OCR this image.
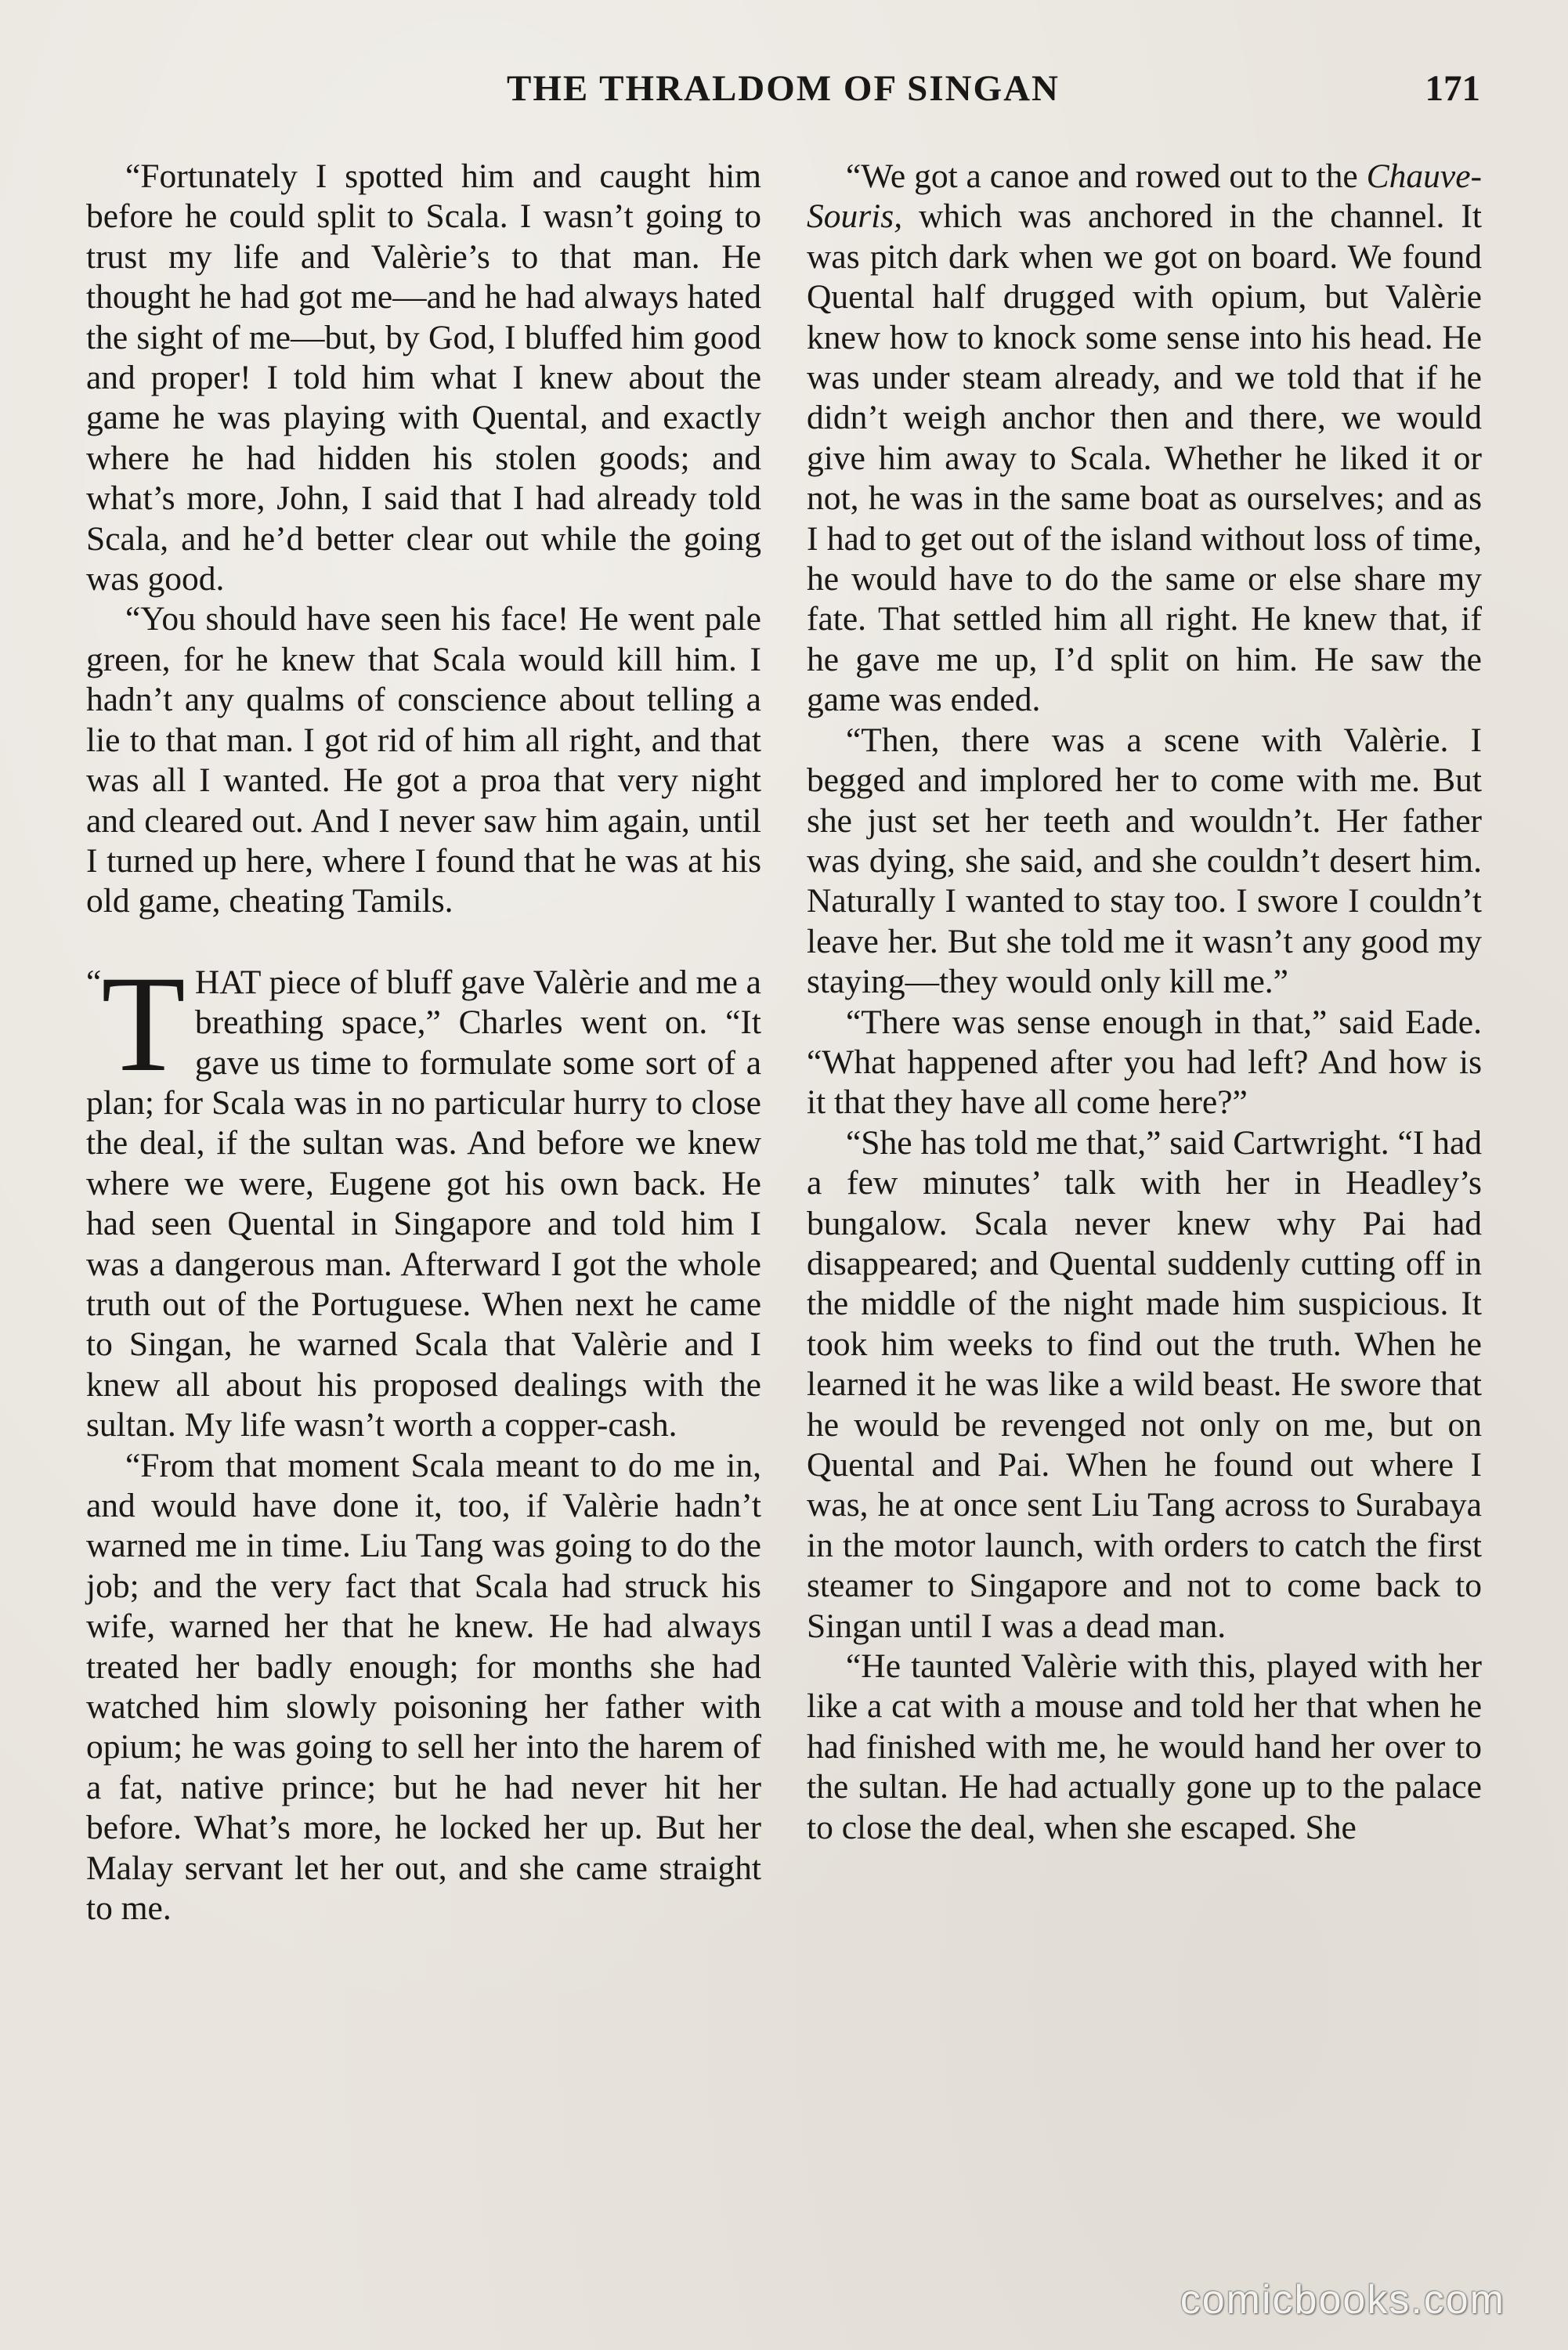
THE THRALDOM OF SINGAN	171

“Fortunately I spotted him and caught him before he could split to Scala. I wasn’t going to trust my life and Valèrie’s to that man. He thought he had got me—and he had always hated the sight of me—but, by God, I bluffed him good and proper! I told him what I knew about the game he was playing with Quental, and exactly where he had hidden his stolen goods; and what’s more, John, I said that I had already told Scala, and he’d better clear out while the going was good.

“You should have seen his face! He went pale green, for he knew that Scala would kill him. I hadn’t any qualms of conscience about telling a lie to that man. I got rid of him all right, and that was all I wanted. He got a proa that very night and cleared out. And I never saw him again, until I turned up here, where I found that he was at his old game, cheating Tamils.

“ T HAT piece of bluff gave Valèrie and me a breathing space,” Charles went on. “It gave us time to formulate some sort of a plan; for Scala was in no particular hurry to close the deal, if the sultan was. And before we knew where we were, Eugene got his own back. He had seen Quental in Singapore and told him I was a dangerous man. Afterward I got the whole truth out of the Portuguese. When next he came to Singan, he warned Scala that Valèrie and I knew all about his proposed dealings with the sultan. My life wasn’t worth a copper-cash.

“From that moment Scala meant to do me in, and would have done it, too, if Valèrie hadn’t warned me in time. Liu Tang was going to do the job; and the very fact that Scala had struck his wife, warned her that he knew. He had always treated her badly enough; for months she had watched him slowly poisoning her father with opium; he was going to sell her into the harem of a fat, native prince; but he had never hit her before. What’s more, he locked her up. But her Malay servant let her out, and she came straight to me.

“We got a canoe and rowed out to the Chauve-Souris, which was anchored in the channel. It was pitch dark when we got on board. We found Quental half drugged with opium, but Valèrie knew how to knock some sense into his head. He was under steam already, and we told that if he didn’t weigh anchor then and there, we would give him away to Scala. Whether he liked it or not, he was in the same boat as ourselves; and as I had to get out of the island without loss of time, he would have to do the same or else share my fate. That settled him all right. He knew that, if he gave me up, I’d split on him. He saw the game was ended.

“Then, there was a scene with Valèrie. I begged and implored her to come with me. But she just set her teeth and wouldn’t. Her father was dying, she said, and she couldn’t desert him. Naturally I wanted to stay too. I swore I couldn’t leave her. But she told me it wasn’t any good my staying—they would only kill me.”

“There was sense enough in that,” said Eade. “What happened after you had left? And how is it that they have all come here?”

“She has told me that,” said Cartwright. “I had a few minutes’ talk with her in Headley’s bungalow. Scala never knew why Pai had disappeared; and Quental suddenly cutting off in the middle of the night made him suspicious. It took him weeks to find out the truth. When he learned it he was like a wild beast. He swore that he would be revenged not only on me, but on Quental and Pai. When he found out where I was, he at once sent Liu Tang across to Surabaya in the motor launch, with orders to catch the first steamer to Singapore and not to come back to Singan until I was a dead man.

“He taunted Valèrie with this, played with her like a cat with a mouse and told her that when he had finished with me, he would hand her over to the sultan. He had actually gone up to the palace to close the deal, when she escaped. She

comicbooks.com
